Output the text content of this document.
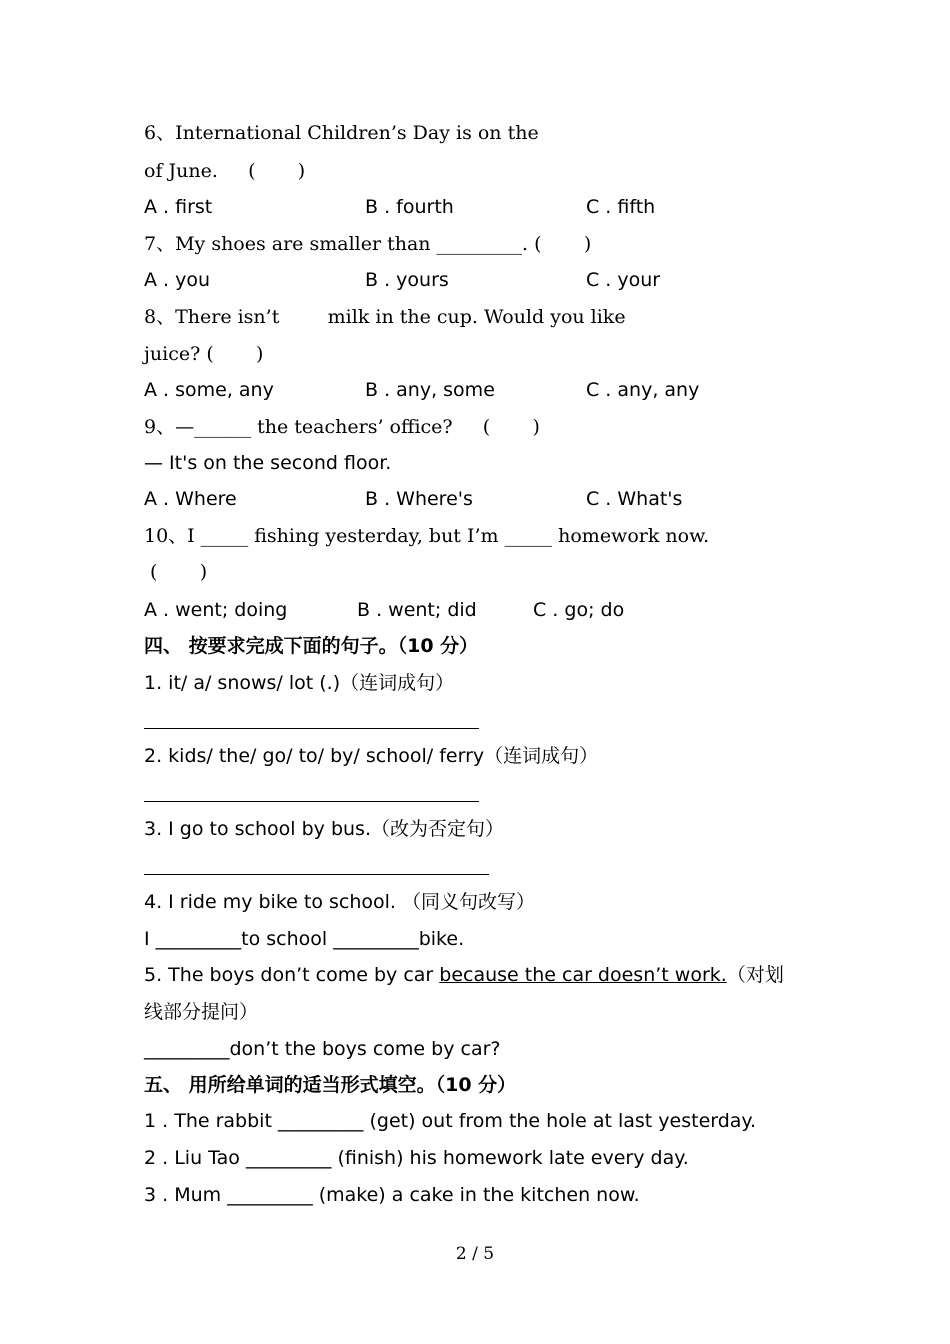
6、International Children’s Day is on the
of June.     (       )
A . first	B . fourth	C . fifth
7、My shoes are smaller than _________. (       )
A . you	B . yours	C . your
8、There isn’t        milk in the cup. Would you like
juice? (       )
A . some, any	B . any, some	C . any, any
9、—______ the teachers’ office?     (       )
— It's on the second floor.
A . Where	B . Where's	C . What's
10、I _____ fishing yesterday, but I’m _____ homework now.
(       )
A . went; doing	B . went; did	C . go; do
四、 按要求完成下面的句子。（10 分）
1. it/ a/ snows/ lot (.)（连词成句）
2. kids/ the/ go/ to/ by/ school/ ferry（连词成句）
3. I go to school by bus.（改为否定句）
4. I ride my bike to school. （同义句改写）
I _________to school _________bike.
5. The boys don’t come by car because the car doesn’t work.（对划
线部分提问）
_________don’t the boys come by car?
五、 用所给单词的适当形式填空。（10 分）
1 . The rabbit _________ (get) out from the hole at last yesterday.
2 . Liu Tao _________ (finish) his homework late every day.
3 . Mum _________ (make) a cake in the kitchen now.
2 / 5
